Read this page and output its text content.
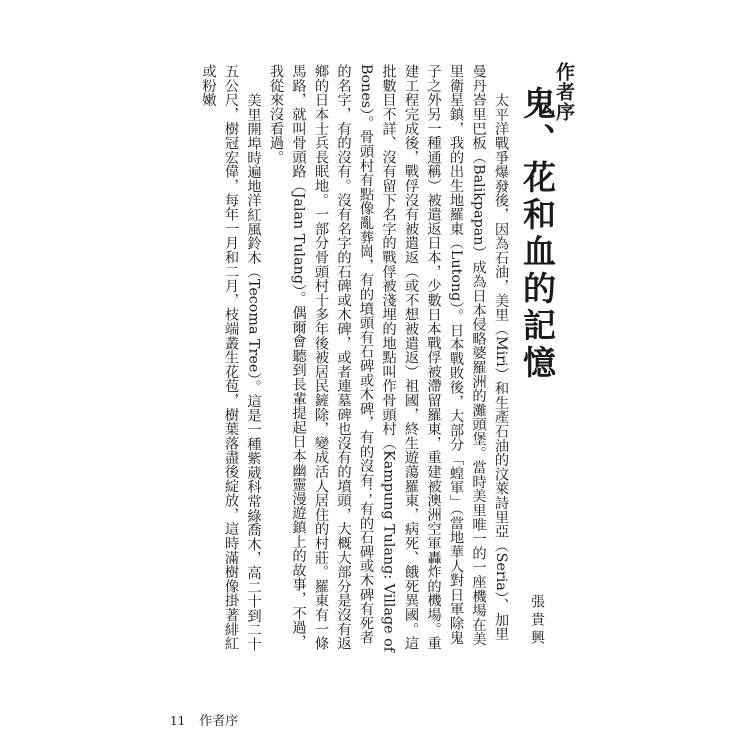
作者序
鬼、花和血的記憶
張貴興

太平洋戰爭爆發後，因為石油，美里（Miri）和生產石油的汶萊詩里亞（Seria）、加里曼丹峇里巴板（Balikpapan）成為日本侵略婆羅洲的灘頭堡。當時美里唯一的一座機場在美里衛星鎮，我的出生地羅東（Lutong）。日本戰敗後，大部分「蝗軍」（當地華人對日軍除鬼子之外另一種通稱）被遣返日本，少數日本戰俘被滯留羅東，重建被澳洲空軍轟炸的機場。重建工程完成後，戰俘沒有被遣返（或不想被遣返）祖國，終生遊蕩羅東，病死、餓死異國。這批數目不詳、沒有留下名字的戰俘被淺埋的地點叫作骨頭村（Kampung Tulang: Village of Bones）。骨頭村有點像亂葬崗，有的墳頭有石碑或木碑，有的沒有；有的石碑或木碑有死者的名字，有的沒有。沒有名字的石碑或木碑，或者連墓碑也沒有的墳頭，大概大部分是沒有返鄉的日本士兵長眠地。一部分骨頭村十多年後被居民鏟除，變成活人居住的村莊。羅東有一條馬路，就叫骨頭路（Jalan Tulang）。偶爾會聽到長輩提起日本幽靈漫遊鎮上的故事，不過，我從來沒看過。

美里開埠時遍地洋紅風鈴木（Tecoma Tree）。這是一種紫葳科常綠喬木，高二十到二十五公尺，樹冠宏偉，每年一月和二月，枝端叢生花苞，樹葉落盡後綻放，這時滿樹像掛著緋紅或粉嫩

11 作者序
